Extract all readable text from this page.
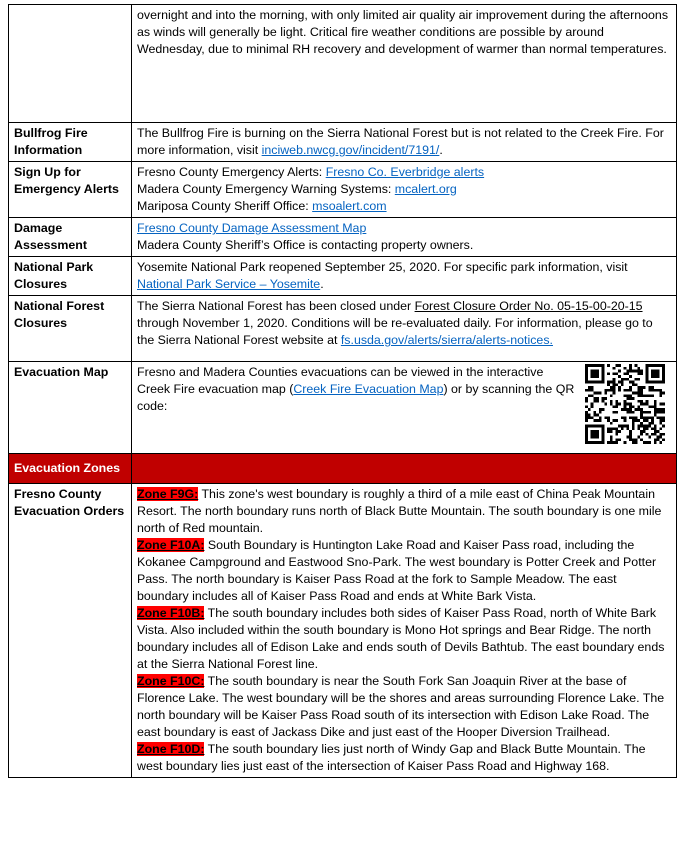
	overnight and into the morning, with only limited air quality air improvement during the afternoons as winds will generally be light. Critical fire weather conditions are possible by around Wednesday, due to minimal RH recovery and development of warmer than normal temperatures.
Bullfrog Fire Information	The Bullfrog Fire is burning on the Sierra National Forest but is not related to the Creek Fire. For more information, visit inciweb.nwcg.gov/incident/7191/.
Sign Up for Emergency Alerts	Fresno County Emergency Alerts: Fresno Co. Everbridge alerts

Madera County Emergency Warning Systems: mcalert.org

Mariposa County Sheriff Office: msoalert.com

Damage Assessment	Fresno County Damage Assessment Map

Madera County Sheriff’s Office is contacting property owners.

National Park Closures	Yosemite National Park reopened September 25, 2020. For specific park information, visit National Park Service – Yosemite.
National Forest Closures	The Sierra National Forest has been closed under Forest Closure Order No. 05-15-00-20-15 through November 1, 2020. Conditions will be re-evaluated daily. For information, please go to the Sierra National Forest website at fs.usda.gov/alerts/sierra/alerts-notices.
Evacuation Map	Fresno and Madera Counties evacuations can be viewed in the interactive Creek Fire evacuation map (Creek Fire Evacuation Map) or by scanning the QR code:
Evacuation Zones	
Fresno County Evacuation Orders	Zone F9G: This zone's west boundary is roughly a third of a mile east of China Peak Mountain Resort. The north boundary runs north of Black Butte Mountain. The south boundary is one mile north of Red mountain.

Zone F10A: South Boundary is Huntington Lake Road and Kaiser Pass road, including the Kokanee Campground and Eastwood Sno-Park. The west boundary is Potter Creek and Potter Pass. The north boundary is Kaiser Pass Road at the fork to Sample Meadow. The east boundary includes all of Kaiser Pass Road and ends at White Bark Vista.

Zone F10B: The south boundary includes both sides of Kaiser Pass Road, north of White Bark Vista. Also included within the south boundary is Mono Hot springs and Bear Ridge. The north boundary includes all of Edison Lake and ends south of Devils Bathtub. The east boundary ends at the Sierra National Forest line.

Zone F10C: The south boundary is near the South Fork San Joaquin River at the base of Florence Lake. The west boundary will be the shores and areas surrounding Florence Lake. The north boundary will be Kaiser Pass Road south of its intersection with Edison Lake Road. The east boundary is east of Jackass Dike and just east of the Hooper Diversion Trailhead.

Zone F10D: The south boundary lies just north of Windy Gap and Black Butte Mountain. The west boundary lies just east of the intersection of Kaiser Pass Road and Highway 168.
